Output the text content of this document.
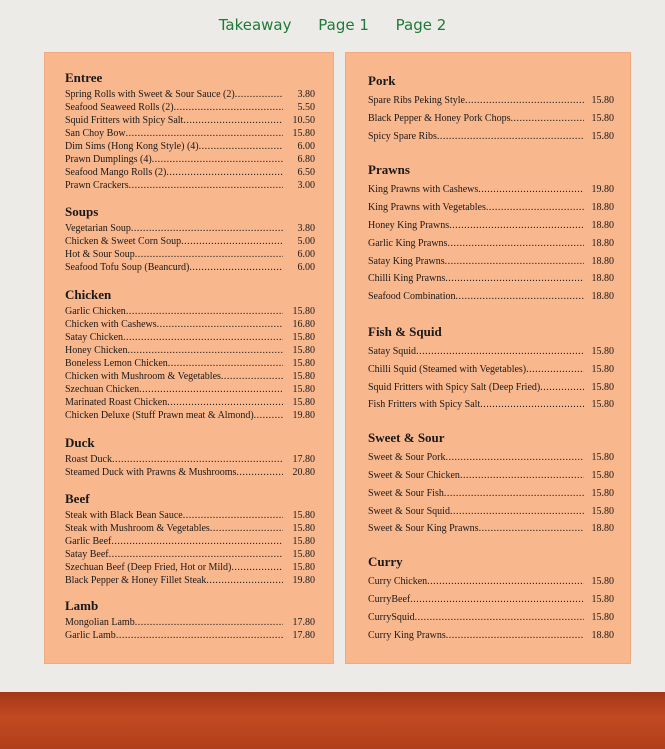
Takeaway Page 1 Page 2
Entree
Spring Rolls with Sweet & Sour Sauce (2) .....	3.80
Seafood Seaweed Rolls (2) .....	5.50
Squid Fritters with Spicy Salt .....	10.50
San Choy Bow .....	15.80
Dim Sims (Hong Kong Style) (4) .....	6.00
Prawn Dumplings (4) .....	6.80
Seafood Mango Rolls (2) .....	6.50
Prawn Crackers .....	3.00
Soups
Vegetarian Soup .....	3.80
Chicken & Sweet Corn Soup .....	5.00
Hot & Sour Soup .....	6.00
Seafood Tofu Soup (Beancurd) .....	6.00
Chicken
Garlic Chicken .....	15.80
Chicken with Cashews .....	16.80
Satay Chicken .....	15.80
Honey Chicken .....	15.80
Boneless Lemon Chicken .....	15.80
Chicken with Mushroom & Vegetables .....	15.80
Szechuan Chicken .....	15.80
Marinated Roast Chicken .....	15.80
Chicken Deluxe (Stuff Prawn meat & Almond) .....	19.80
Duck
Roast Duck .....	17.80
Steamed Duck with Prawns & Mushrooms .....	20.80
Beef
Steak with Black Bean Sauce .....	15.80
Steak with Mushroom & Vegetables .....	15.80
Garlic Beef .....	15.80
Satay Beef .....	15.80
Szechuan Beef (Deep Fried, Hot or Mild) .....	15.80
Black Pepper & Honey Fillet Steak .....	19.80
Lamb
Mongolian Lamb .....	17.80
Garlic Lamb .....	17.80
Pork
Spare Ribs Peking Style .....	15.80
Black Pepper & Honey Pork Chops .....	15.80
Spicy Spare Ribs .....	15.80
Prawns
King Prawns with Cashews .....	19.80
King Prawns with Vegetables .....	18.80
Honey King Prawns .....	18.80
Garlic King Prawns .....	18.80
Satay King Prawns .....	18.80
Chilli King Prawns .....	18.80
Seafood Combination .....	18.80
Fish & Squid
Satay Squid .....	15.80
Chilli Squid (Steamed with Vegetables) .....	15.80
Squid Fritters with Spicy Salt (Deep Fried) .....	15.80
Fish Fritters with Spicy Salt .....	15.80
Sweet & Sour
Sweet & Sour Pork .....	15.80
Sweet & Sour Chicken .....	15.80
Sweet & Sour Fish .....	15.80
Sweet & Sour Squid .....	15.80
Sweet & Sour King Prawns .....	18.80
Curry
Curry Chicken .....	15.80
CurryBeef .....	15.80
CurrySquid .....	15.80
Curry King Prawns .....	18.80
